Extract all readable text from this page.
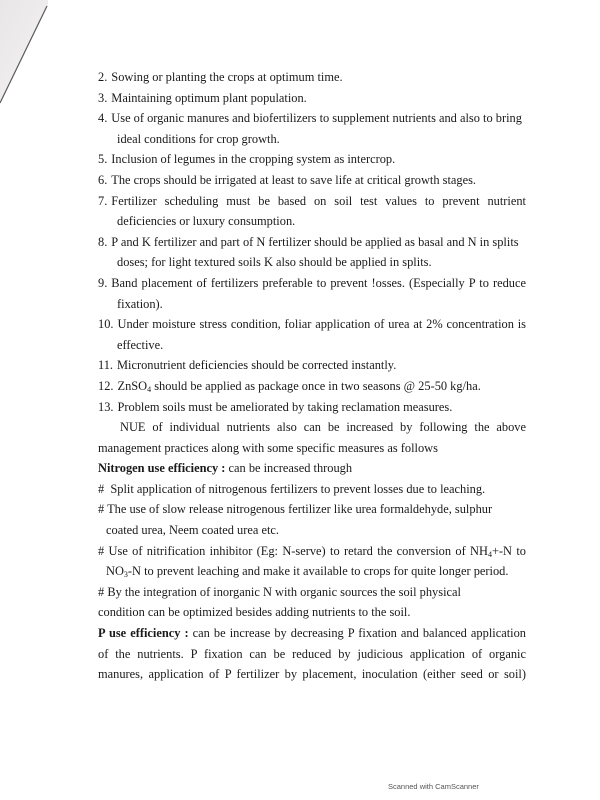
2. Sowing or planting the crops at optimum time.
3. Maintaining optimum plant population.
4. Use of organic manures and biofertilizers to supplement nutrients and also to bring
ideal conditions for crop growth.
5. Inclusion of legumes in the cropping system as intercrop.
6. The crops should be irrigated at least to save life at critical growth stages.
7. Fertilizer scheduling must be based on soil test values to prevent nutrient
deficiencies or luxury consumption.
8. P and K fertilizer and part of N fertilizer should be applied as basal and N in splits
doses; for light textured soils K also should be applied in splits.
9. Band placement of fertilizers preferable to prevent !osses. (Especially P to reduce
fixation).
10. Under moisture stress condition, foliar application of urea at 2% concentration is
effective.
11. Micronutrient deficiencies should be corrected instantly.
12. ZnSO$_4$ should be applied as package once in two seasons @ 25-50 kg/ha.
13. Problem soils must be ameliorated by taking reclamation measures.
NUE of individual nutrients also can be increased by following the above
management practices along with some specific measures as follows
Nitrogen use efficiency : can be increased through
# Split application of nitrogenous fertilizers to prevent losses due to leaching.
# The use of slow release nitrogenous fertilizer like urea formaldehyde, sulphur
coated urea, Neem coated urea etc.
# Use of nitrification inhibitor (Eg: N-serve) to retard the conversion of $NH_4+-N$ to
$NO_3-N$ to prevent leaching and make it available to crops for quite longer period.
# By the integration of inorganic N with organic sources the soil physical
condition can be optimized besides adding nutrients to the soil.
P use efficiency : can be increase by decreasing P fixation and balanced application
of the nutrients. P fixation can be reduced by judicious application of organic
manures, application of P fertilizer by placement, inoculation (either seed or soil)
Scanned with CamScanner
